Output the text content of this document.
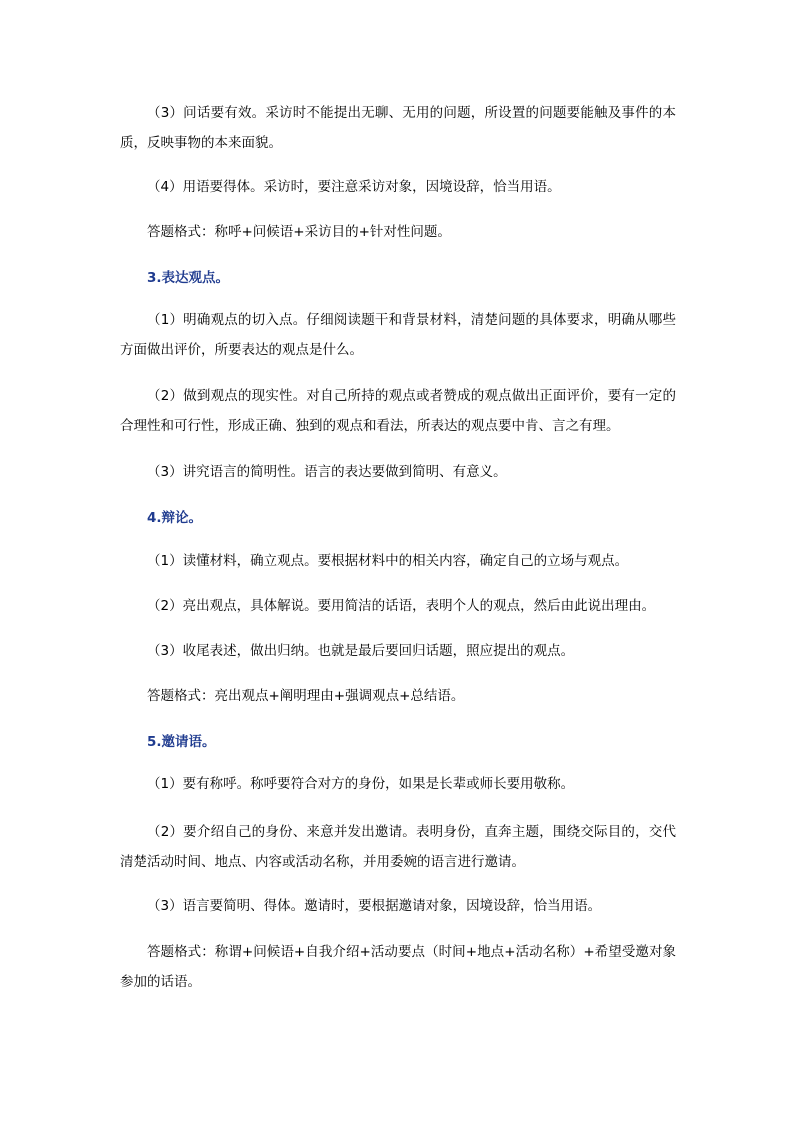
（3）问话要有效。采访时不能提出无聊、无用的问题，所设置的问题要能触及事件的本质，反映事物的本来面貌。

（4）用语要得体。采访时，要注意采访对象，因境设辞，恰当用语。

答题格式：称呼+问候语+采访目的+针对性问题。

3.表达观点。

（1）明确观点的切入点。仔细阅读题干和背景材料，清楚问题的具体要求，明确从哪些方面做出评价，所要表达的观点是什么。

（2）做到观点的现实性。对自己所持的观点或者赞成的观点做出正面评价，要有一定的合理性和可行性，形成正确、独到的观点和看法，所表达的观点要中肯、言之有理。

（3）讲究语言的简明性。语言的表达要做到简明、有意义。

4.辩论。

（1）读懂材料，确立观点。要根据材料中的相关内容，确定自己的立场与观点。

（2）亮出观点，具体解说。要用简洁的话语，表明个人的观点，然后由此说出理由。

（3）收尾表述，做出归纳。也就是最后要回归话题，照应提出的观点。

答题格式：亮出观点+阐明理由+强调观点+总结语。

5.邀请语。

（1）要有称呼。称呼要符合对方的身份，如果是长辈或师长要用敬称。

（2）要介绍自己的身份、来意并发出邀请。表明身份，直奔主题，围绕交际目的，交代清楚活动时间、地点、内容或活动名称，并用委婉的语言进行邀请。

（3）语言要简明、得体。邀请时，要根据邀请对象，因境设辞，恰当用语。

答题格式：称谓+问候语+自我介绍+活动要点（时间+地点+活动名称）+希望受邀对象参加的话语。
